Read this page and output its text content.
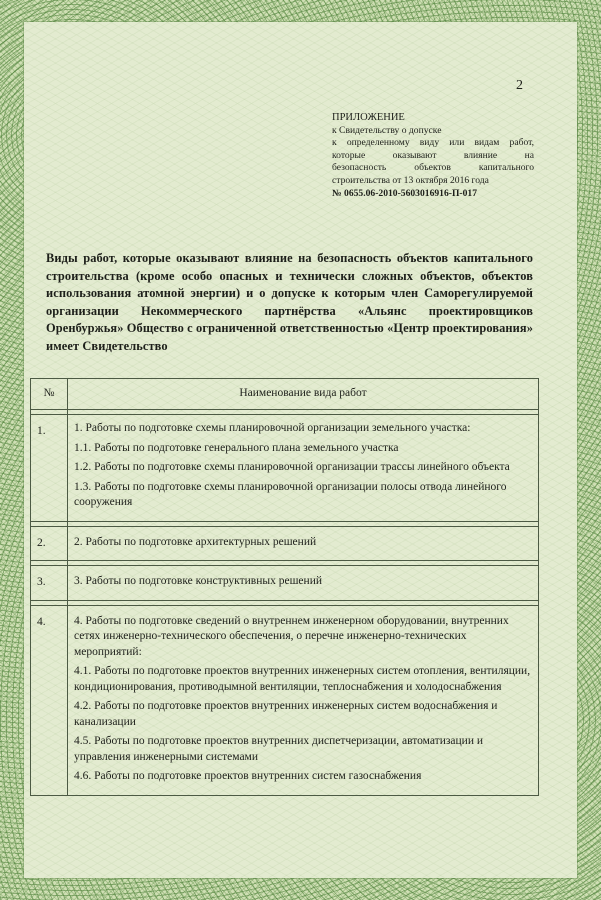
2
ПРИЛОЖЕНИЕ
к Свидетельству о допуске
к определенному виду или видам работ,
которые оказывают влияние на
безопасность объектов капитального
строительства от 13 октября 2016 года
№ 0655.06-2010-5603016916-П-017
Виды работ, которые оказывают влияние на безопасность объектов капитального строительства (кроме особо опасных и технически сложных объектов, объектов использования атомной энергии) и о допуске к которым член Саморегулируемой организации Некоммерческого партнёрства «Альянс проектировщиков Оренбуржья» Общество с ограниченной ответственностью «Центр проектирования» имеет Свидетельство
№	Наименование вида работ

1.	1. Работы по подготовке схемы планировочной организации земельного участка:
1.1. Работы по подготовке генерального плана земельного участка
1.2. Работы по подготовке схемы планировочной организации трассы линейного объекта
1.3. Работы по подготовке схемы планировочной организации полосы отвода линейного сооружения

2.	2. Работы по подготовке архитектурных решений

3.	3. Работы по подготовке конструктивных решений

4.	4. Работы по подготовке сведений о внутреннем инженерном оборудовании, внутренних сетях инженерно-технического обеспечения, о перечне инженерно-технических мероприятий:
4.1. Работы по подготовке проектов внутренних инженерных систем отопления, вентиляции, кондиционирования, противодымной вентиляции, теплоснабжения и холодоснабжения
4.2. Работы по подготовке проектов внутренних инженерных систем водоснабжения и канализации
4.5. Работы по подготовке проектов внутренних диспетчеризации, автоматизации и управления инженерными системами
4.6. Работы по подготовке проектов внутренних систем газоснабжения
